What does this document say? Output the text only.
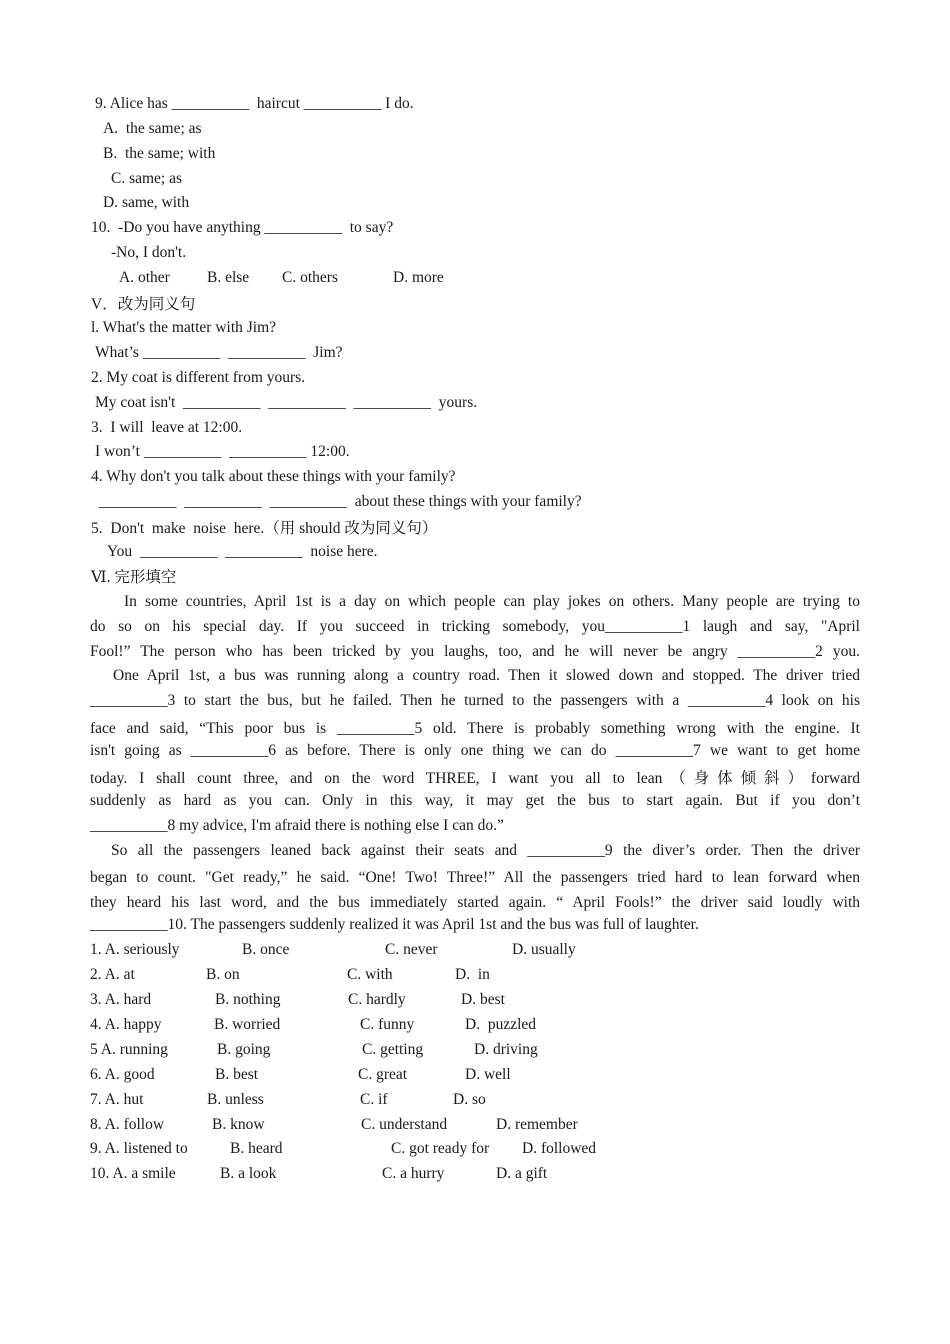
9. Alice has __________  haircut __________ I do.
A.  the same; as
B.  the same; with
C. same; as
D. same, with
10.  -Do you have anything __________  to say?
-No, I don't.
A. other B. else C. others	D. more
V．改为同义句
l. What's the matter with Jim?
What’s __________  __________  Jim?
2. My coat is different from yours.
My coat isn't  __________  __________  __________  yours.
3.  I will  leave at 12:00.
I won’t __________  __________ 12:00.
4. Why don't you talk about these things with your family?
__________  __________  __________  about these things with your family?
5.  Don't  make  noise  here.（用 should 改为同义句）
You  __________  __________  noise here.
Ⅵ. 完形填空
In some countries, April 1st is a day on which people can play jokes on others. Many people are trying to
do so on his special day. If you succeed in tricking somebody, you__________1 laugh and say, "April
Fool!” The person who has been tricked by you laughs, too, and he will never be angry __________2 you.
One April 1st, a bus was running along a country road. Then it slowed down and stopped. The driver tried
__________3 to start the bus, but he failed. Then he turned to the passengers with a __________4 look on his
face and said, “This poor bus is __________5 old. There is probably something wrong with the engine. It
isn't going as __________6 as before. There is only one thing we can do __________7 we want to get home
today. I shall count three, and on the word THREE, I want you all to lean（身体倾斜）forward
suddenly as hard as you can. Only in this way, it may get the bus to start again. But if you don’t
__________8 my advice, I'm afraid there is nothing else I can do.”
So all the passengers leaned back against their seats and __________9 the diver’s order. Then the driver
began to count. "Get ready,” he said. “One! Two! Three!” All the passengers tried hard to lean forward when
they heard his last word, and the bus immediately started again. “ April Fools!” the driver said loudly with
__________10. The passengers suddenly realized it was April 1st and the bus was full of laughter.
1. A. seriously	B. once	C. never	D. usually
2. A. at	B. on	C. with	D.  in
3. A. hard	B. nothing	C. hardly	D. best
4. A. happy	B. worried	C. funny	D.  puzzled
5 A. running	B. going	C. getting	D. driving
6. A. good	B. best	C. great	D. well
7. A. hut	B. unless	C. if	D. so
8. A. follow	B. know	C. understand	D. remember
9. A. listened to	B. heard	C. got ready for D. followed
10. A. a smile	B. a look	C. a hurry	D. a gift
